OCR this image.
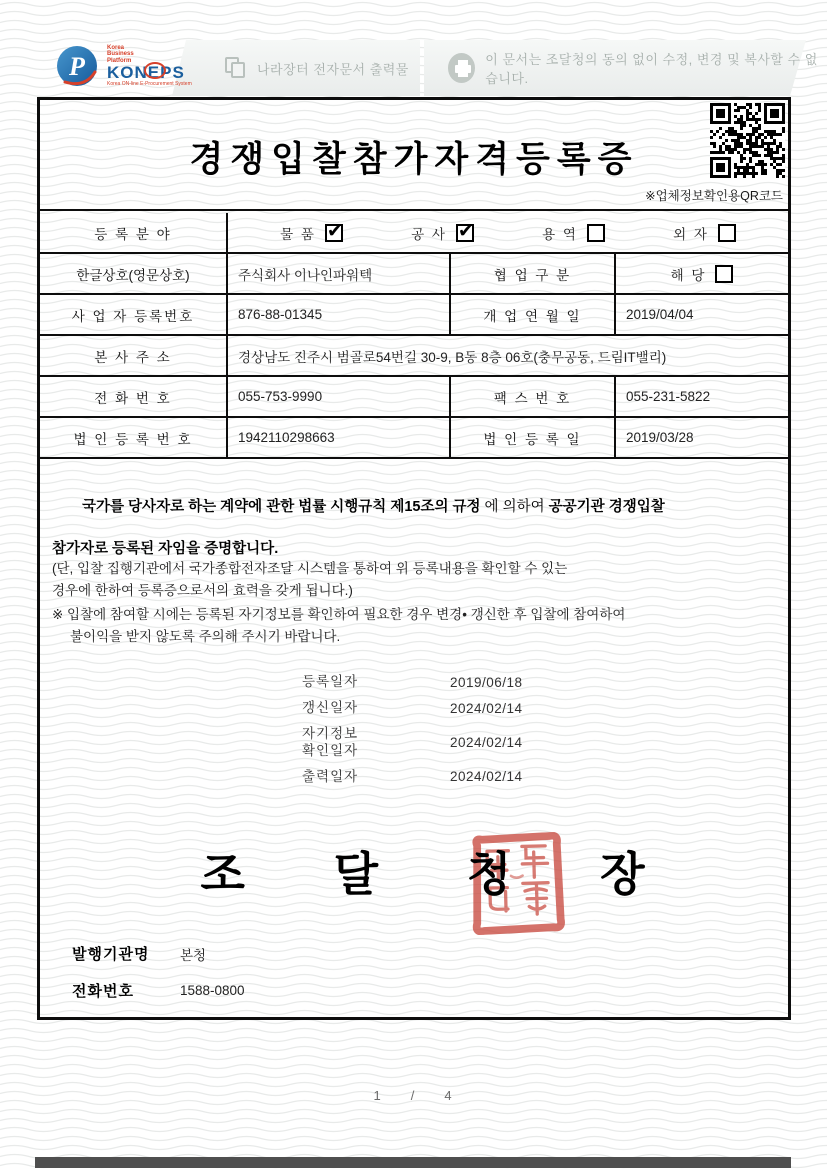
P
Korea
Business
Platform
KONEPS
Korea ON-line E-Procurement System
나라장터 전자문서 출력물
이 문서는 조달청의 동의 없이 수정, 변경 및 복사할 수 없습니다.
경쟁입찰참가자격등록증
※업체정보확인용QR코드
등 록 분 야	물 품 ✔	공 사 ✔	용 역	외 자
한글상호(영문상호)	주식회사 이나인파워텍	협 업 구 분	해 당
사 업 자 등록번호	876-88-01345	개 업 연 월 일	2019/04/04
본 사 주 소	경상남도 진주시 범골로54번길 30-9, B동 8층 06호(충무공동, 드림IT밸리)
전 화 번 호	055-753-9990	팩 스 번 호	055-231-5822
법 인 등 록 번 호	1942110298663	법 인 등 록 일	2019/03/28
국가를 당사자로 하는 계약에 관한 법률 시행규칙 제15조의 규정 에 의하여 공공기관 경쟁입찰
참가자로 등록된 자임을 증명합니다.
(단, 입찰 집행기관에서 국가종합전자조달 시스템을 통하여 위 등록내용을 확인할 수 있는
경우에 한하여 등록증으로서의 효력을 갖게 됩니다.)
※ 입찰에 참여할 시에는 등록된 자기정보를 확인하여 필요한 경우 변경• 갱신한 후 입찰에 참여하여
불이익을 받지 않도록 주의해 주시기 바랍니다.
등록일자	2019/06/18
갱신일자	2024/02/14
자기정보
확인일자	2024/02/14
출력일자	2024/02/14
조 달 청 장
발행기관명	본청
전화번호	1588-0800
1 / 4
